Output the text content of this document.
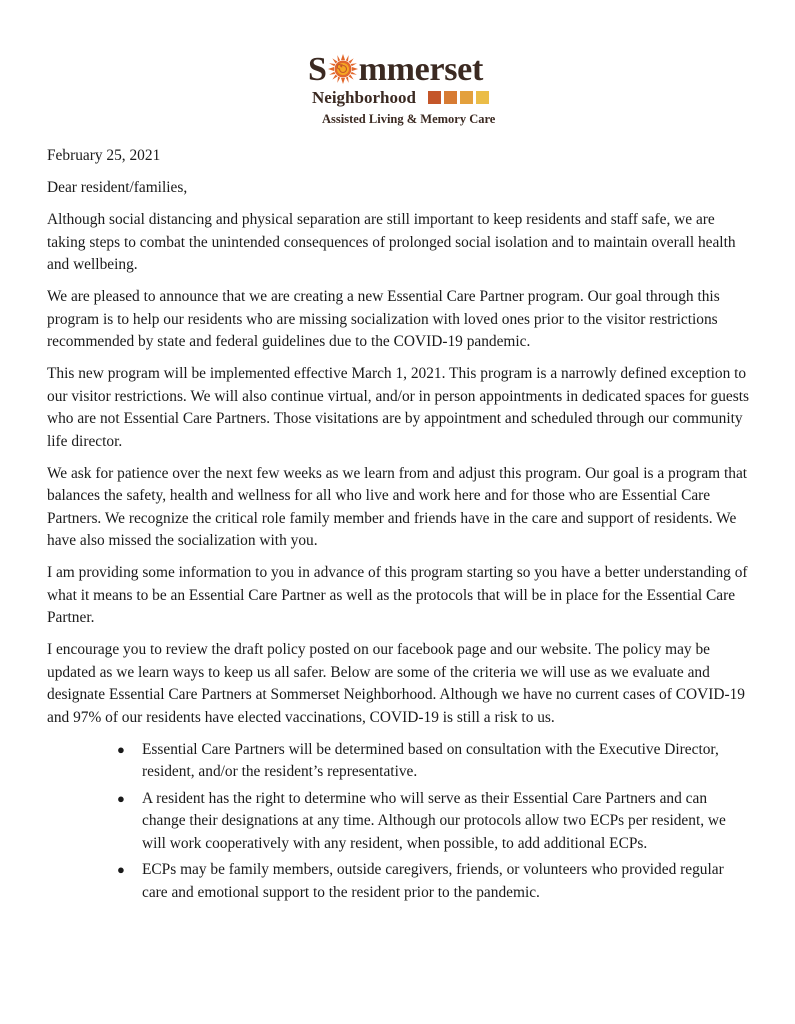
S mmerset
Neighborhood
Assisted Living & Memory Care

February 25, 2021

Dear resident/families,

Although social distancing and physical separation are still important to keep residents and staff safe, we are taking steps to combat the unintended consequences of prolonged social isolation and to maintain overall health and wellbeing.

We are pleased to announce that we are creating a new Essential Care Partner program. Our goal through this program is to help our residents who are missing socialization with loved ones prior to the visitor restrictions recommended by state and federal guidelines due to the COVID-19 pandemic.

This new program will be implemented effective March 1, 2021. This program is a narrowly defined exception to our visitor restrictions. We will also continue virtual, and/or in person appointments in dedicated spaces for guests who are not Essential Care Partners. Those visitations are by appointment and scheduled through our community life director.

We ask for patience over the next few weeks as we learn from and adjust this program. Our goal is a program that balances the safety, health and wellness for all who live and work here and for those who are Essential Care Partners. We recognize the critical role family member and friends have in the care and support of residents. We have also missed the socialization with you.

I am providing some information to you in advance of this program starting so you have a better understanding of what it means to be an Essential Care Partner as well as the protocols that will be in place for the Essential Care Partner.

I encourage you to review the draft policy posted on our facebook page and our website. The policy may be updated as we learn ways to keep us all safer. Below are some of the criteria we will use as we evaluate and designate Essential Care Partners at Sommerset Neighborhood. Although we have no current cases of COVID-19 and 97% of our residents have elected vaccinations, COVID-19 is still a risk to us.

● Essential Care Partners will be determined based on consultation with the Executive Director, resident, and/or the resident’s representative.
● A resident has the right to determine who will serve as their Essential Care Partners and can change their designations at any time. Although our protocols allow two ECPs per resident, we will work cooperatively with any resident, when possible, to add additional ECPs.
● ECPs may be family members, outside caregivers, friends, or volunteers who provided regular care and emotional support to the resident prior to the pandemic.
